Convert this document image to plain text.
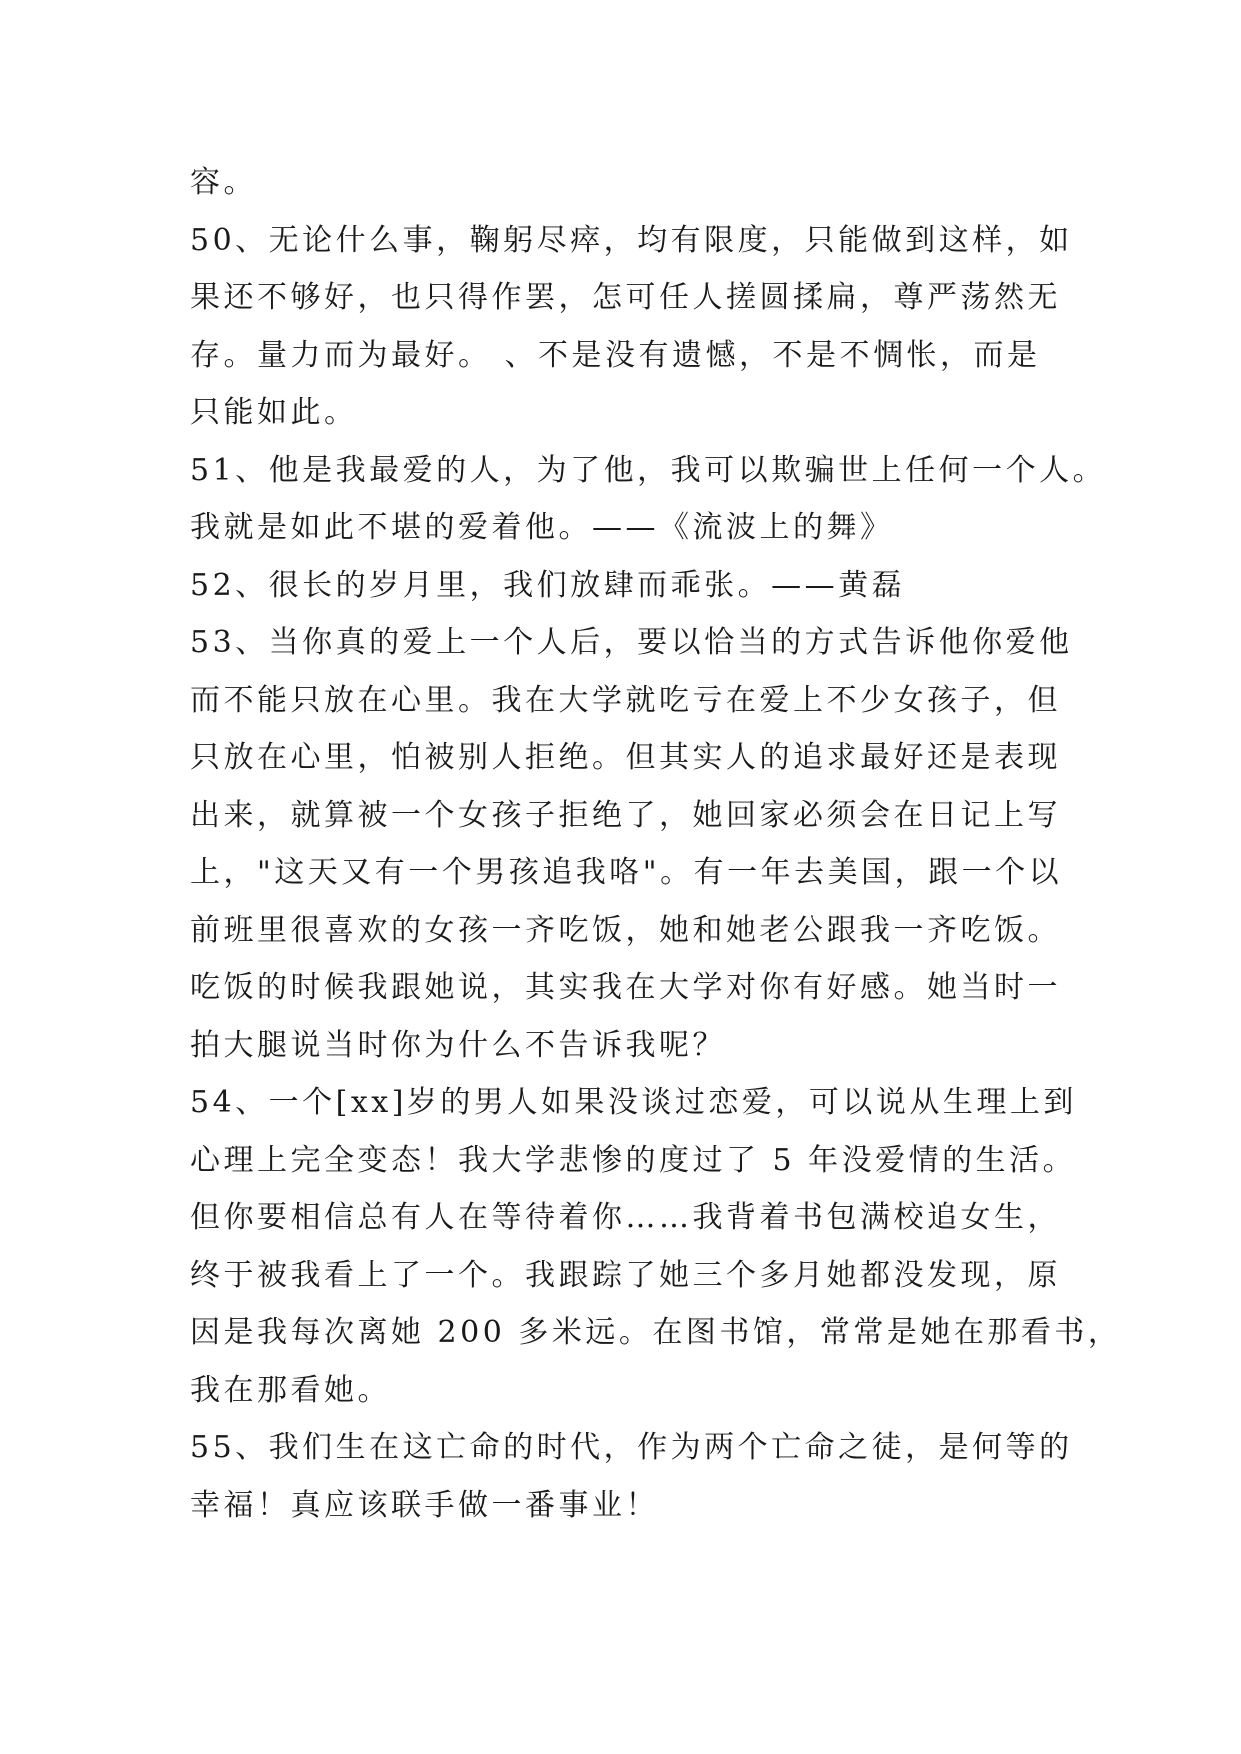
容。
50、无论什么事，鞠躬尽瘁，均有限度，只能做到这样，如
果还不够好，也只得作罢，怎可任人搓圆揉扁，尊严荡然无
存。量力而为最好。 、不是没有遗憾，不是不惆怅，而是
只能如此。
51、他是我最爱的人，为了他，我可以欺骗世上任何一个人。
我就是如此不堪的爱着他。——《流波上的舞》
52、很长的岁月里，我们放肆而乖张。——黄磊
53、当你真的爱上一个人后，要以恰当的方式告诉他你爱他
而不能只放在心里。我在大学就吃亏在爱上不少女孩子，但
只放在心里，怕被别人拒绝。但其实人的追求最好还是表现
出来，就算被一个女孩子拒绝了，她回家必须会在日记上写
上，"这天又有一个男孩追我咯"。有一年去美国，跟一个以
前班里很喜欢的女孩一齐吃饭，她和她老公跟我一齐吃饭。
吃饭的时候我跟她说，其实我在大学对你有好感。她当时一
拍大腿说当时你为什么不告诉我呢？
54、一个[xx]岁的男人如果没谈过恋爱，可以说从生理上到
心理上完全变态！我大学悲惨的度过了 5 年没爱情的生活。
但你要相信总有人在等待着你……我背着书包满校追女生，
终于被我看上了一个。我跟踪了她三个多月她都没发现，原
因是我每次离她 200 多米远。在图书馆，常常是她在那看书，
我在那看她。
55、我们生在这亡命的时代，作为两个亡命之徒，是何等的
幸福！真应该联手做一番事业！
